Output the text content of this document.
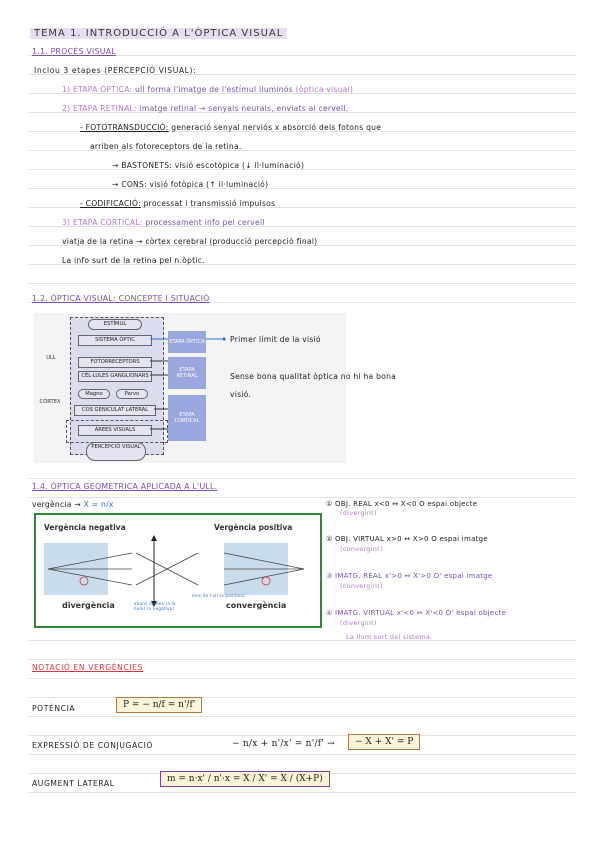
TEMA 1. INTRODUCCIÓ A L'ÒPTICA VISUAL
1.1. PROCÉS VISUAL
Inclou 3 etapes (PERCEPCIÓ VISUAL):
1) ETAPA ÒPTICA: ull forma l'imatge de l'estímul lluminós (òptica visual)
2) ETAPA RETINAL: imatge retinal → senyals neurals, enviats al cervell.
- FOTOTRANSDUCCIÓ: generació senyal nerviós x absorció dels fotons que
arriben als fotoreceptors de la retina.
→ BASTONETS: visió escotòpica (↓ il·luminació)
→ CONS: visió fotòpica (↑ il·luminació)
- CODIFICACIÓ: processat i transmissió impulsos
3) ETAPA CORTICAL: processament info pel cervell
viatja de la retina → còrtex cerebral (producció percepció final)
La info surt de la retina pel n.òptic.
1.2. ÒPTICA VISUAL: CONCEPTE I SITUACIÓ
ULL
CÒRTEX
ESTÍMUL
SISTEMA ÒPTIC
FOTORRECEPTORS
CÈL·LULES GANGLIONARS
Magno	Parvo
COS GENICULAT LATERAL
ÀREES VISUALS
PERCEPCIÓ VISUAL
ETAPA ÒPTICA
ETAPA RETINAL
ETAPA CORTICAL
Primer límit de la visió
Sense bona qualitat òptica no hi ha bona
visió.
1.4. ÒPTICA GEOMÈTRICA APLICADA A L'ULL.
vergència → X = n/x
Vergència negativa	Vergència positiva
divergència	convergència
abans cornea (a la llum) (x negativa)
dins de l'ull (x positiva)
① OBJ. REAL x<0 ↔ X<0 O espai objecte
(divergint)
② OBJ. VIRTUAL x>0 ↔ X>0 O espai imatge
(convergint)
③ IMATG. REAL x'>0 ↔ X'>0 O' espai imatge
(convergint)
④ IMATG. VIRTUAL x'<0 ↔ X'<0 O' espai objecte
(divergint)
La llum surt del sistema.
NOTACIÓ EN VERGÈNCIES
POTÈNCIA	P = − n/f = n'/f'
EXPRESSIÓ DE CONJUGACIÓ	− n/x + n'/x' = n'/f' →	− X + X' = P
AUGMENT LATERAL	m = n·x' / n'·x = X / X' = X / (X+P)
